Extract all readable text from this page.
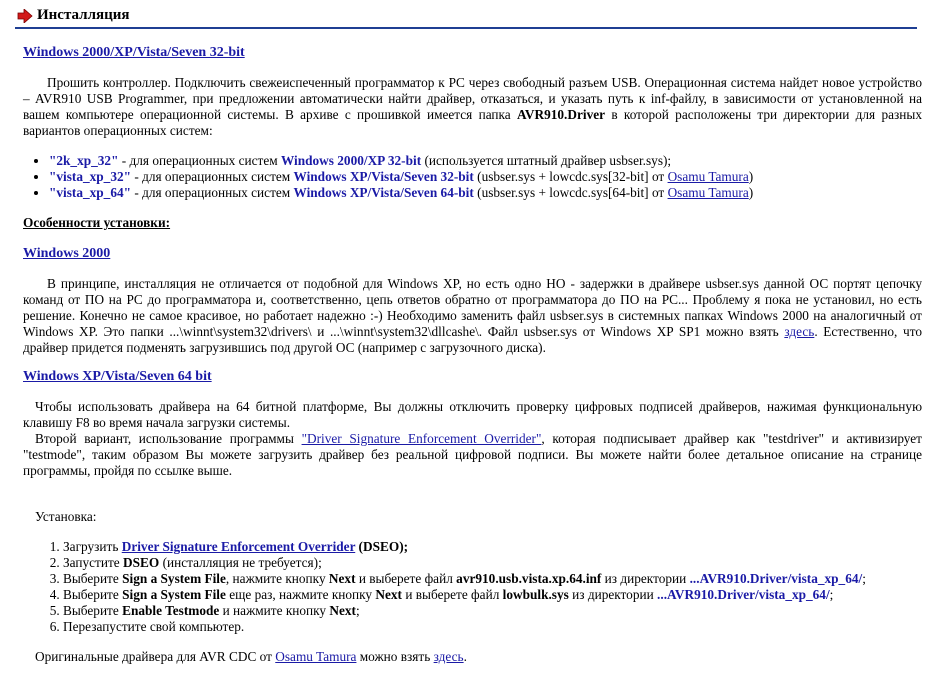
Инсталляция
Windows 2000/XP/Vista/Seven 32-bit

Прошить контроллер. Подключить свежеиспеченный программатор к PC через свободный разъем USB. Операционная система найдет новое устройство – AVR910 USB Programmer, при предложении автоматически найти драйвер, отказаться, и указать путь к inf-файлу, в зависимости от установленной на вашем компьютере операционной системы. В архиве с прошивкой имеется папка AVR910.Driver в которой расположены три директории для разных вариантов операционных систем:

• "2k_xp_32" - для операционных систем Windows 2000/XP 32-bit (используется штатный драйвер usbser.sys);
• "vista_xp_32" - для операционных систем Windows XP/Vista/Seven 32-bit (usbser.sys + lowcdc.sys[32-bit] от Osamu Tamura)
• "vista_xp_64" - для операционных систем Windows XP/Vista/Seven 64-bit (usbser.sys + lowcdc.sys[64-bit] от Osamu Tamura)
Особенности установки:
Windows 2000

В принципе, инсталляция не отличается от подобной для Windows XP, но есть одно НО - задержки в драйвере usbser.sys данной ОС портят цепочку команд от ПО на PC до программатора и, соответственно, цепь ответов обратно от программатора до ПО на PC... Проблему я пока не установил, но есть решение. Конечно не самое красивое, но работает надежно :-) Необходимо заменить файл usbser.sys в системных папках Windows 2000 на аналогичный от Windows XP. Это папки ...\winnt\system32\drivers\ и ...\winnt\system32\dllcashe\. Файл usbser.sys от Windows XP SP1 можно взять здесь. Естественно, что драйвер придется подменять загрузившись под другой ОС (например с загрузочного диска).

Windows XP/Vista/Seven 64 bit

Чтобы использовать драйвера на 64 битной платформе, Вы должны отключить проверку цифровых подписей драйверов, нажимая функциональную клавишу F8 во время начала загрузки системы.

Второй вариант, использование программы "Driver Signature Enforcement Overrider", которая подписывает драйвер как "testdriver" и активизирует "testmode", таким образом Вы можете загрузить драйвер без реальной цифровой подписи. Вы можете найти более детальное описание на странице программы, пройдя по ссылке выше.

Установка:

1. Загрузить Driver Signature Enforcement Overrider (DSEO);
2. Запустите DSEO (инсталляция не требуется);
3. Выберите Sign a System File, нажмите кнопку Next и выберете файл avr910.usb.vista.xp.64.inf из директории ...AVR910.Driver/vista_xp_64/;
4. Выберите Sign a System File еще раз, нажмите кнопку Next и выберете файл lowbulk.sys из директории ...AVR910.Driver/vista_xp_64/;
5. Выберите Enable Testmode и нажмите кнопку Next;
6. Перезапустите свой компьютер.

Оригинальные драйвера для AVR CDC от Osamu Tamura можно взять здесь.
